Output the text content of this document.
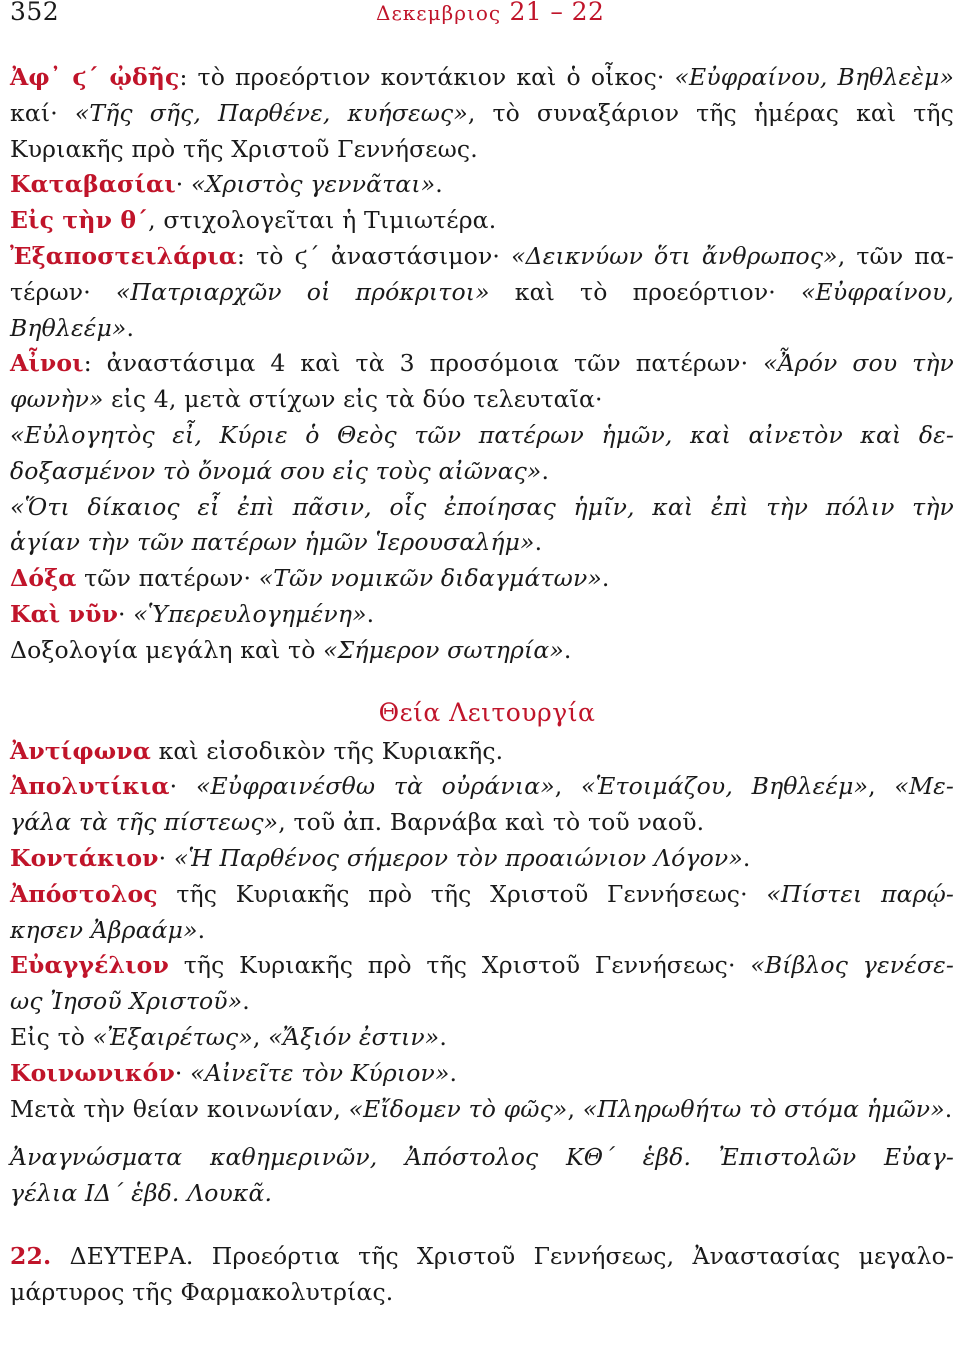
352	Δεκεμβριος 21 – 22
Ἀφ᾿ ϛ´ ᾠδῆς: τὸ προεόρτιον κοντάκιον καὶ ὁ οἶκος· «Εὐφραίνου, Βηθλεὲμ»
καί· «Τῆς σῆς, Παρθένε, κυήσεως», τὸ συναξάριον τῆς ἡμέρας καὶ τῆς
Κυριακῆς πρὸ τῆς Χριστοῦ Γεννήσεως.
Καταβασίαι· «Χριστὸς γεννᾶται».
Εἰς τὴν θ´, στιχολογεῖται ἡ Τιμιωτέρα.
Ἐξαποστειλάρια: τὸ ϛ´ ἀναστάσιμον· «Δεικνύων ὅτι ἄνθρωπος», τῶν πα-
τέρων· «Πατριαρχῶν οἱ πρόκριτοι» καὶ τὸ προεόρτιον· «Εὐφραίνου,
Βηθλεέμ».
Αἶνοι: ἀναστάσιμα 4 καὶ τὰ 3 προσόμοια τῶν πατέρων· «Ἆρόν σου τὴν
φωνὴν» εἰς 4, μετὰ στίχων εἰς τὰ δύο τελευταῖα·
«Εὐλογητὸς εἶ, Κύριε ὁ Θεὸς τῶν πατέρων ἡμῶν, καὶ αἰνετὸν καὶ δε-
δοξασμένον τὸ ὄνομά σου εἰς τοὺς αἰῶνας».
«Ὅτι δίκαιος εἶ ἐπὶ πᾶσιν, οἷς ἐποίησας ἡμῖν, καὶ ἐπὶ τὴν πόλιν τὴν
ἁγίαν τὴν τῶν πατέρων ἡμῶν Ἱερουσαλήμ».
Δόξα τῶν πατέρων· «Τῶν νομικῶν διδαγμάτων».
Καὶ νῦν· «Ὑπερευλογημένη».
Δοξολογία μεγάλη καὶ τὸ «Σήμερον σωτηρία».
Θεία Λειτουργία
Ἀντίφωνα καὶ εἰσοδικὸν τῆς Κυριακῆς.
Ἀπολυτίκια· «Εὐφραινέσθω τὰ οὐράνια», «Ἑτοιμάζου, Βηθλεέμ», «Με-
γάλα τὰ τῆς πίστεως», τοῦ ἀπ. Βαρνάβα καὶ τὸ τοῦ ναοῦ.
Κοντάκιον· «Ἡ Παρθένος σήμερον τὸν προαιώνιον Λόγον».
Ἀπόστολος τῆς Κυριακῆς πρὸ τῆς Χριστοῦ Γεννήσεως· «Πίστει παρῴ-
κησεν Ἀβραάμ».
Εὐαγγέλιον τῆς Κυριακῆς πρὸ τῆς Χριστοῦ Γεννήσεως· «Βίβλος γενέσε-
ως Ἰησοῦ Χριστοῦ».
Εἰς τὸ «Ἐξαιρέτως», «Ἄξιόν ἐστιν».
Κοινωνικόν· «Αἰνεῖτε τὸν Κύριον».
Μετὰ τὴν θείαν κοινωνίαν, «Εἴδομεν τὸ φῶς», «Πληρωθήτω τὸ στόμα ἡμῶν».
Ἀναγνώσματα καθημερινῶν, Ἀπόστολος ΚΘ´ ἑβδ. Ἐπιστολῶν Εὐαγ-
γέλια ΙΔ´ ἑβδ. Λουκᾶ.
22. ΔΕΥΤΕΡΑ. Προεόρτια τῆς Χριστοῦ Γεννήσεως, Ἀναστασίας μεγαλο-
μάρτυρος τῆς Φαρμακολυτρίας.
